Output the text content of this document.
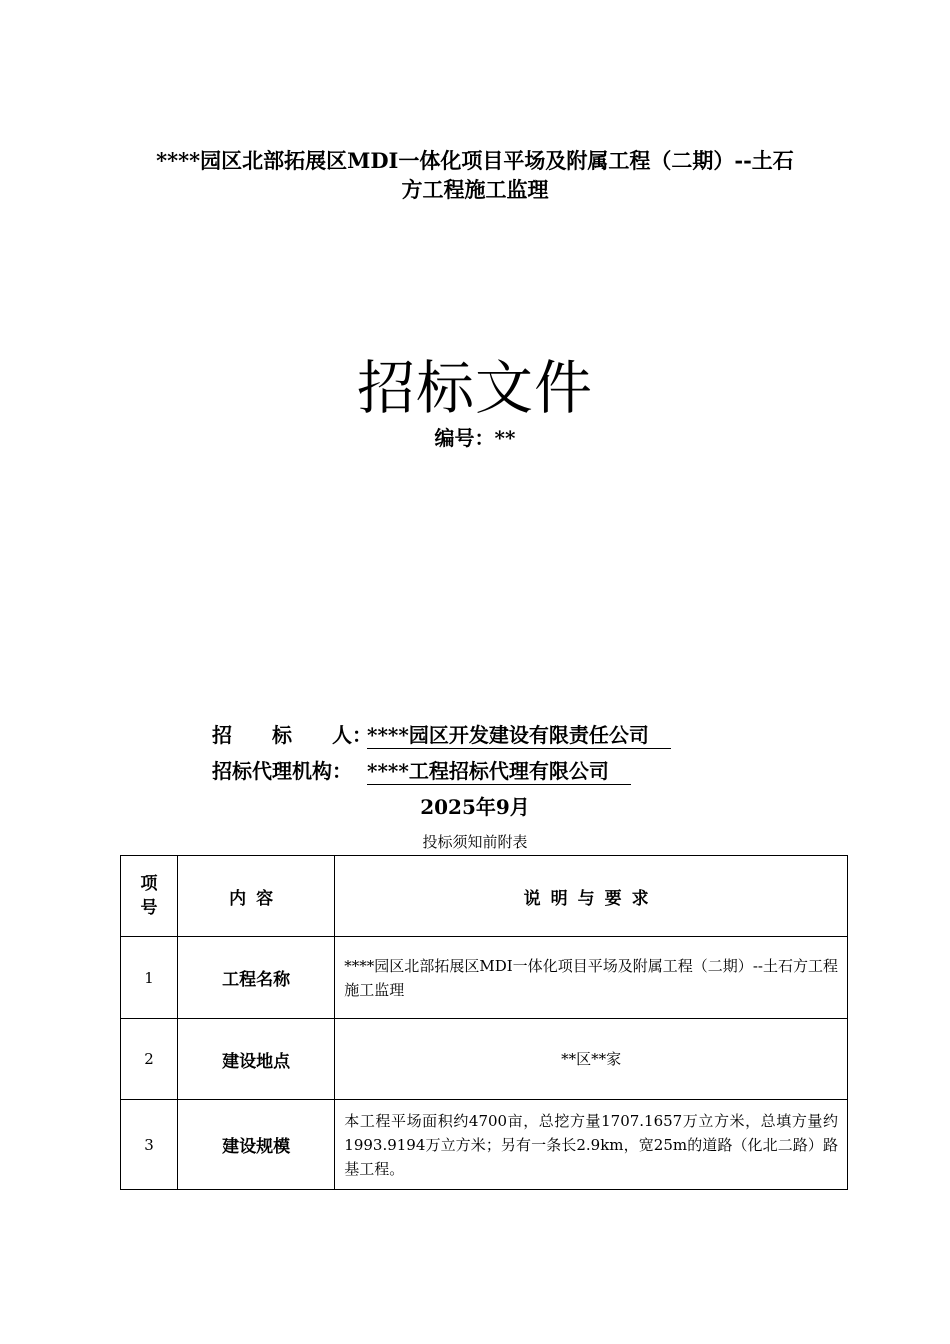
****园区北部拓展区MDI一体化项目平场及附属工程（二期）--土石方工程施工监理
招标文件
编号：**
招　　标　　人：****园区开发建设有限责任公司
招标代理机构： ****工程招标代理有限公司
2025年9月
投标须知前附表
项
号	内容	说明与要求
1	工程名称	****园区北部拓展区MDI一体化项目平场及附属工程（二期）--土石方工程施工监理
2	建设地点	**区**家
3	建设规模	本工程平场面积约4700亩，总挖方量1707.1657万立方米，总填方量约1993.9194万立方米；另有一条长2.9km，宽25m的道路（化北二路）路基工程。
